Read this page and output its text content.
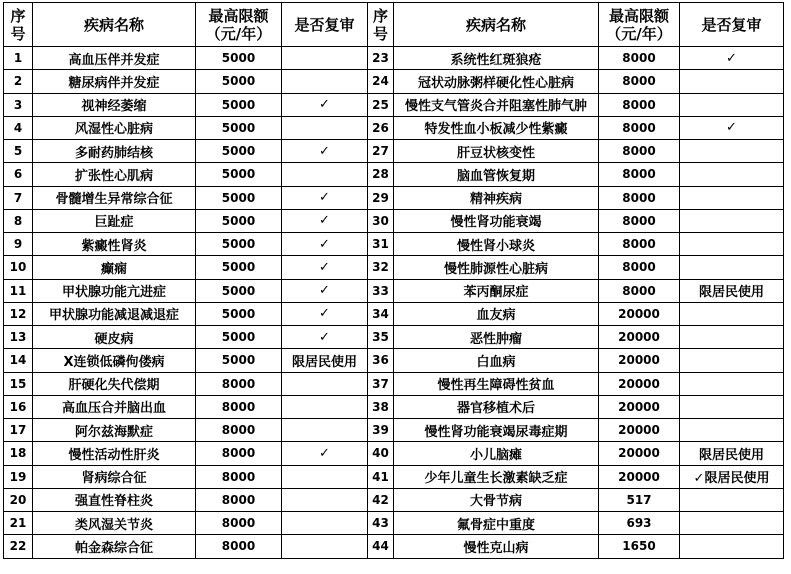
序号	疾病名称	最高限额（元/年）	是否复审	序号	疾病名称	最高限额（元/年）	是否复审
1	高血压伴并发症	5000		23	系统性红斑狼疮	8000	✓
2	糖尿病伴并发症	5000		24	冠状动脉粥样硬化性心脏病	8000	
3	视神经萎缩	5000	✓	25	慢性支气管炎合并阻塞性肺气肿	8000	
4	风湿性心脏病	5000		26	特发性血小板减少性紫癜	8000	✓
5	多耐药肺结核	5000	✓	27	肝豆状核变性	8000	
6	扩张性心肌病	5000		28	脑血管恢复期	8000	
7	骨髓增生异常综合征	5000	✓	29	精神疾病	8000	
8	巨趾症	5000	✓	30	慢性肾功能衰竭	8000	
9	紫癜性肾炎	5000	✓	31	慢性肾小球炎	8000	
10	癫痫	5000	✓	32	慢性肺源性心脏病	8000	
11	甲状腺功能亢进症	5000	✓	33	苯丙酮尿症	8000	限居民使用
12	甲状腺功能减退减退症	5000	✓	34	血友病	20000	
13	硬皮病	5000	✓	35	恶性肿瘤	20000	
14	X连锁低磷佝偻病	5000	限居民使用	36	白血病	20000	
15	肝硬化失代偿期	8000		37	慢性再生障碍性贫血	20000	
16	高血压合并脑出血	8000		38	器官移植术后	20000	
17	阿尔兹海默症	8000		39	慢性肾功能衰竭尿毒症期	20000	
18	慢性活动性肝炎	8000	✓	40	小儿脑瘫	20000	限居民使用
19	肾病综合征	8000		41	少年儿童生长激素缺乏症	20000	✓限居民使用
20	强直性脊柱炎	8000		42	大骨节病	517	
21	类风湿关节炎	8000		43	氟骨症中重度	693	
22	帕金森综合征	8000		44	慢性克山病	1650	
